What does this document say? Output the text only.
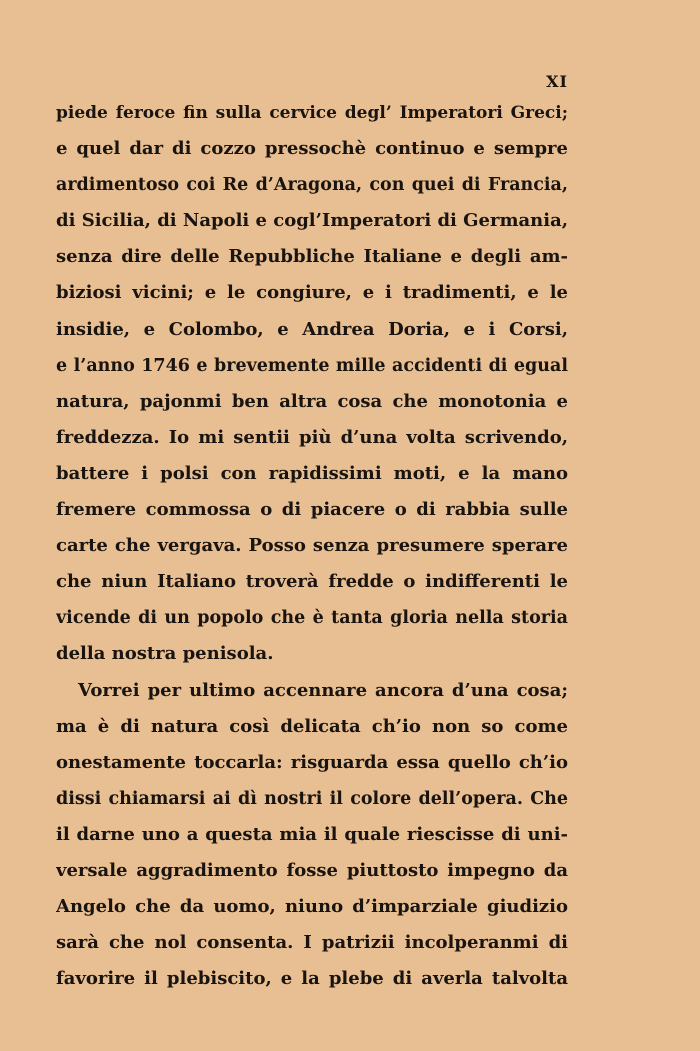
XI
piede feroce fin sulla cervice degl’ Imperatori Greci;
e quel dar di cozzo pressochè continuo e sempre
ardimentoso coi Re d’Aragona, con quei di Francia,
di Sicilia, di Napoli e cogl’Imperatori di Germania,
senza dire delle Repubbliche Italiane e degli am-
biziosi vicini; e le congiure, e i tradimenti, e le
insidie, e Colombo, e Andrea Doria, e i Corsi,
e l’anno 1746 e brevemente mille accidenti di egual
natura, pajonmi ben altra cosa che monotonia e
freddezza. Io mi sentii più d’una volta scrivendo,
battere i polsi con rapidissimi moti, e la mano
fremere commossa o di piacere o di rabbia sulle
carte che vergava. Posso senza presumere sperare
che niun Italiano troverà fredde o indifferenti le
vicende di un popolo che è tanta gloria nella storia
della nostra penisola.
Vorrei per ultimo accennare ancora d’una cosa;
ma è di natura così delicata ch’io non so come
onestamente toccarla: risguarda essa quello ch’io
dissi chiamarsi ai dì nostri il colore dell’opera. Che
il darne uno a questa mia il quale riescisse di uni-
versale aggradimento fosse piuttosto impegno da
Angelo che da uomo, niuno d’imparziale giudizio
sarà che nol consenta. I patrizii incolperanmi di
favorire il plebiscito, e la plebe di averla talvolta
